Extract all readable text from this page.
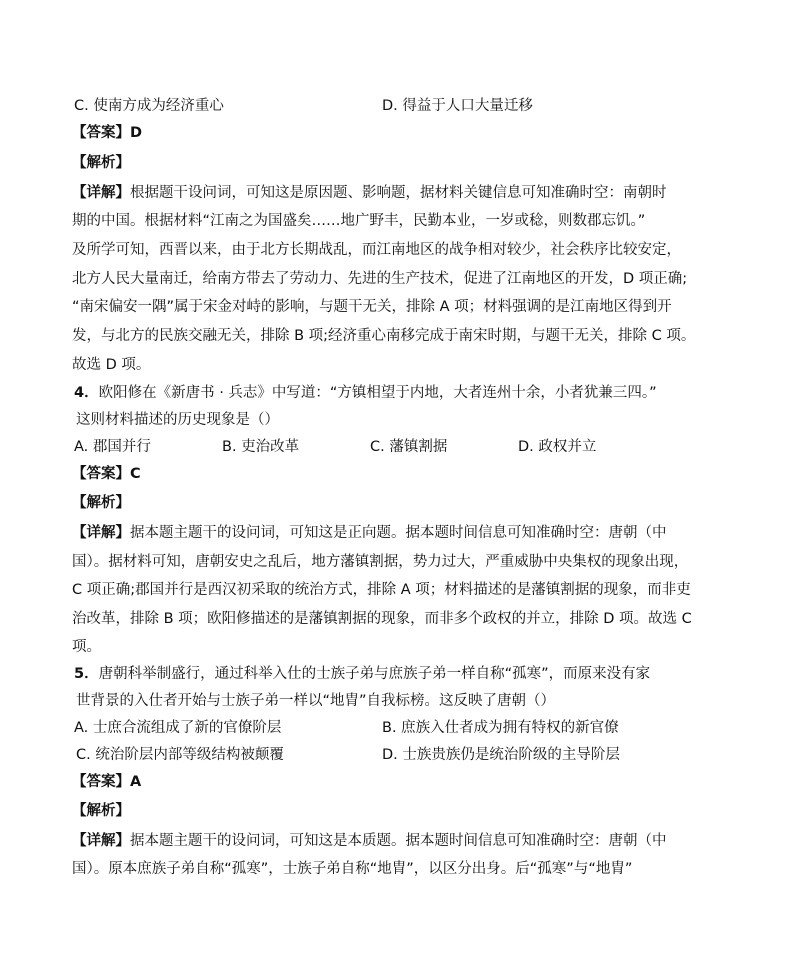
C. 使南方成为经济重心	D. 得益于人口大量迁移
【答案】D
【解析】
【详解】根据题干设问词，可知这是原因题、影响题，据材料关键信息可知准确时空：南朝时
期的中国。根据材料“江南之为国盛矣……地广野丰，民勤本业，一岁或稔，则数郡忘饥。”
及所学可知，西晋以来，由于北方长期战乱，而江南地区的战争相对较少，社会秩序比较安定，
北方人民大量南迁，给南方带去了劳动力、先进的生产技术，促进了江南地区的开发，D 项正确;
“南宋偏安一隅”属于宋金对峙的影响，与题干无关，排除 A 项；材料强调的是江南地区得到开
发，与北方的民族交融无关，排除 B 项;经济重心南移完成于南宋时期，与题干无关，排除 C 项。
故选 D 项。
4．欧阳修在《新唐书 · 兵志》中写道：“方镇相望于内地，大者连州十余，小者犹兼三四。”
这则材料描述的历史现象是（）
A. 郡国并行	B. 吏治改革	C. 藩镇割据	D. 政权并立
【答案】C
【解析】
【详解】据本题主题干的设问词，可知这是正向题。据本题时间信息可知准确时空：唐朝（中
国）。据材料可知，唐朝安史之乱后，地方藩镇割据，势力过大，严重威胁中央集权的现象出现，
C 项正确;郡国并行是西汉初采取的统治方式，排除 A 项；材料描述的是藩镇割据的现象，而非吏
治改革，排除 B 项；欧阳修描述的是藩镇割据的现象，而非多个政权的并立，排除 D 项。故选 C
项。
5．唐朝科举制盛行，通过科举入仕的士族子弟与庶族子弟一样自称“孤寒”，而原来没有家
世背景的入仕者开始与士族子弟一样以“地胄”自我标榜。这反映了唐朝（）
A. 士庶合流组成了新的官僚阶层	B. 庶族入仕者成为拥有特权的新官僚
C. 统治阶层内部等级结构被颠覆	D. 士族贵族仍是统治阶级的主导阶层
【答案】A
【解析】
【详解】据本题主题干的设问词，可知这是本质题。据本题时间信息可知准确时空：唐朝（中
国）。原本庶族子弟自称“孤寒”，士族子弟自称“地胄”，以区分出身。后“孤寒”与“地胄”
